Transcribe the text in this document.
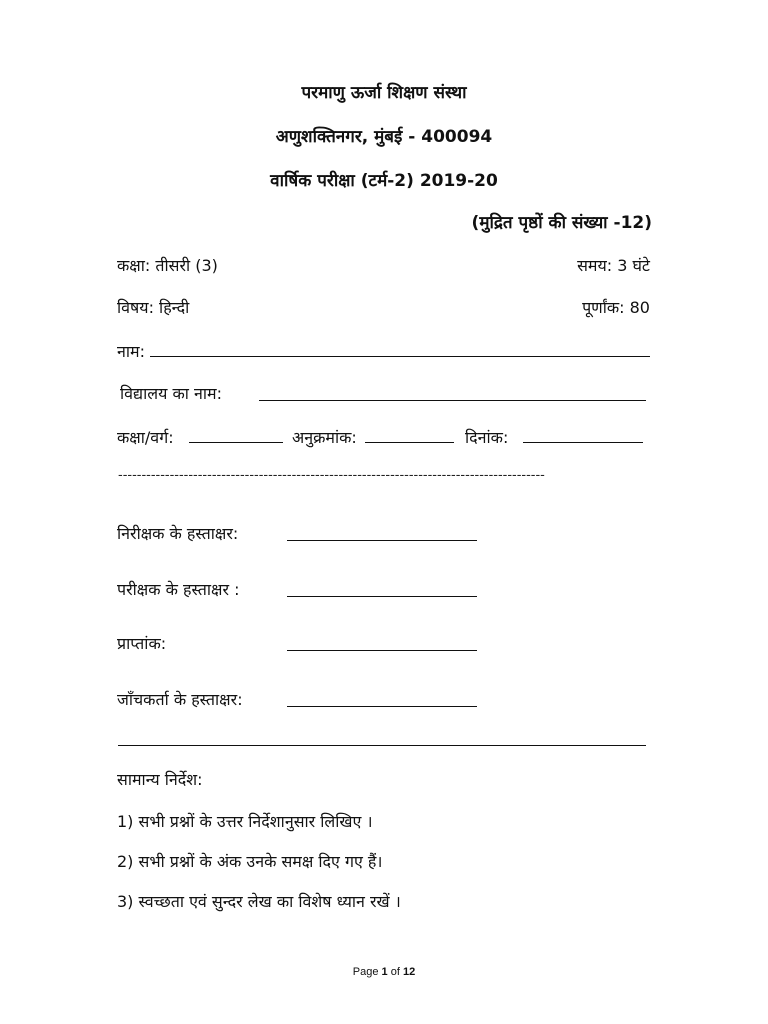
परमाणु ऊर्जा शिक्षण संस्था
अणुशक्तिनगर, मुंबई - 400094
वार्षिक परीक्षा (टर्म-2) 2019-20
(मुद्रित पृष्ठों की संख्या -12)
कक्षा: तीसरी (3)	समय: 3 घंटे
विषय: हिन्दी	पूर्णांक: 80
नाम:
विद्यालय का नाम:
कक्षा/वर्ग:	अनुक्रमांक:	दिनांक:
-------------------------------------------------------------------------------------------
निरीक्षक के हस्ताक्षर:
परीक्षक के हस्ताक्षर :
प्राप्तांक:
जाँचकर्ता के हस्ताक्षर:
सामान्य निर्देश:
1) सभी प्रश्नों के उत्तर निर्देशानुसार लिखिए ।
2) सभी प्रश्नों के अंक उनके समक्ष दिए गए हैं।
3) स्वच्छता एवं सुन्दर लेख का विशेष ध्यान रखें ।
Page 1 of 12
